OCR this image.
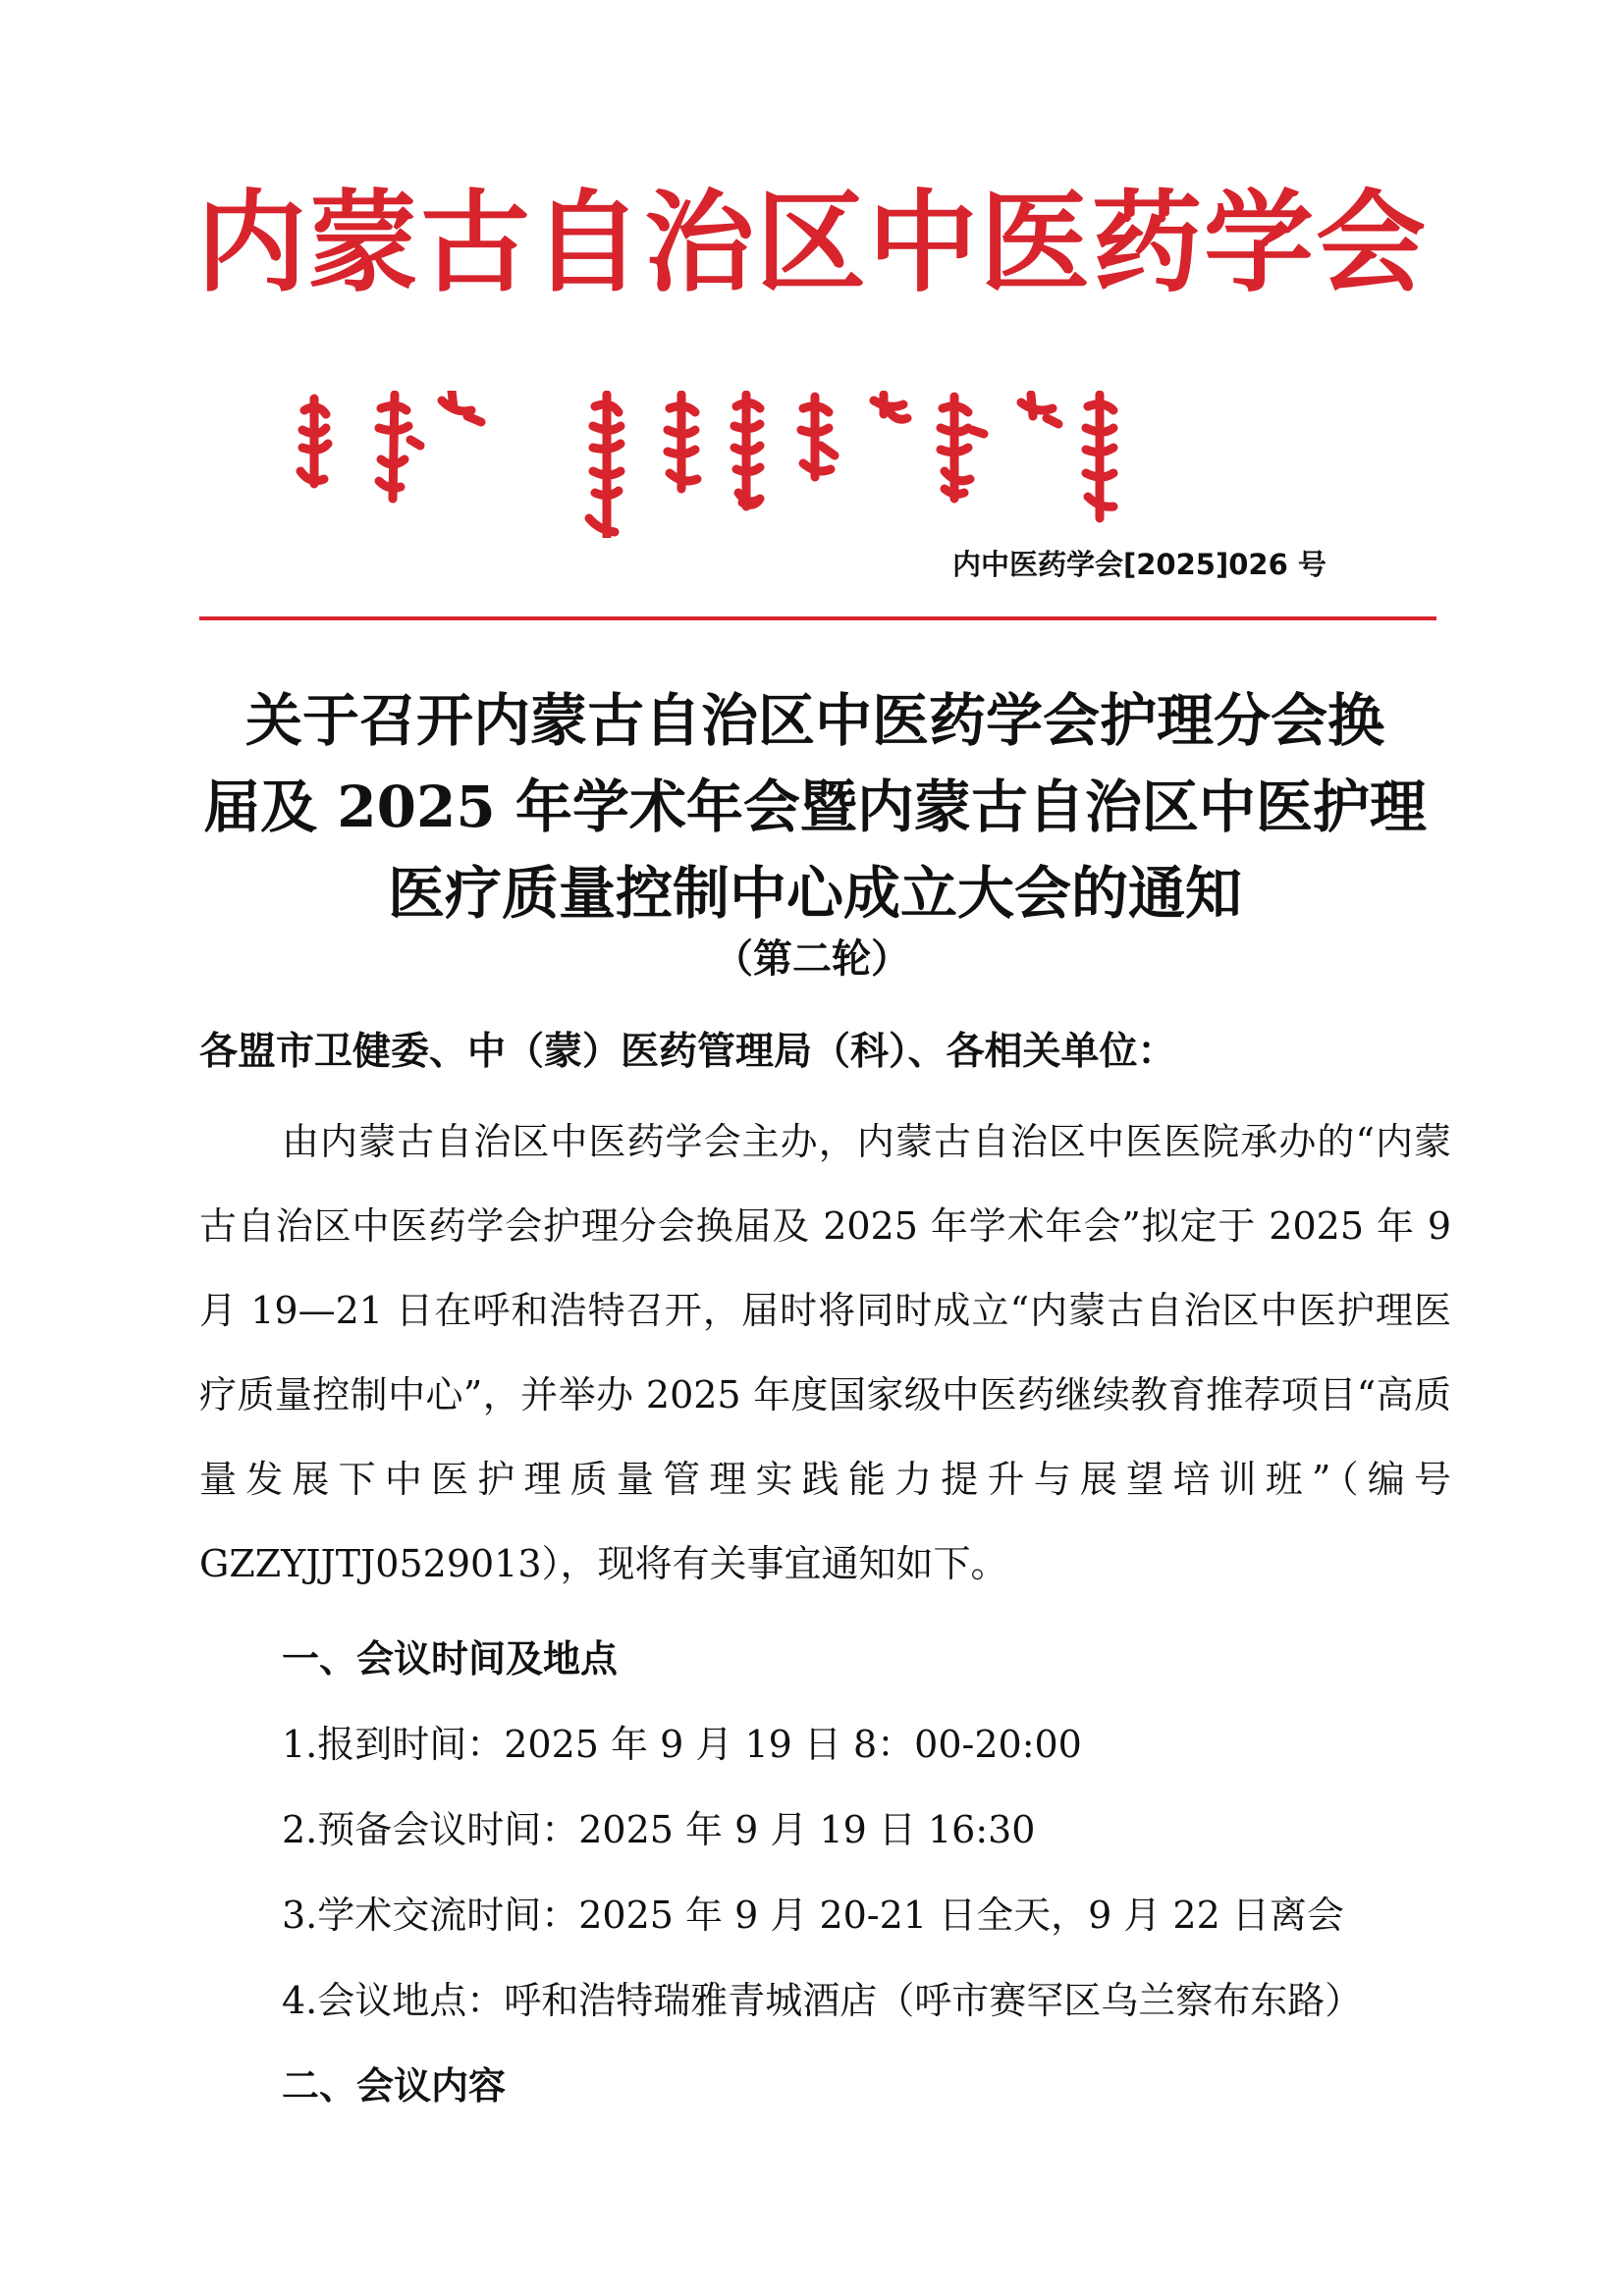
内蒙古自治区中医药学会
内中医药学会[2025]026 号
关于召开内蒙古自治区中医药学会护理分会换
届及 2025 年学术年会暨内蒙古自治区中医护理
医疗质量控制中心成立大会的通知
（第二轮）
各盟市卫健委、中（蒙）医药管理局（科）、各相关单位：

由内蒙古自治区中医药学会主办，内蒙古自治区中医医院承办的“内蒙古自治区中医药学会护理分会换届及 2025 年学术年会”拟定于 2025 年 9 月 19—21 日在呼和浩特召开，届时将同时成立“内蒙古自治区中医护理医疗质量控制中心”，并举办 2025 年度国家级中医药继续教育推荐项目“高质量发展下中医护理质量管理实践能力提升与展望培训班”（编号 GZZYJJTJ0529013），现将有关事宜通知如下。

一、会议时间及地点
1.报到时间：2025 年 9 月 19 日 8：00-20:00
2.预备会议时间：2025 年 9 月 19 日 16:30
3.学术交流时间：2025 年 9 月 20-21 日全天，9 月 22 日离会
4.会议地点：呼和浩特瑞雅青城酒店（呼市赛罕区乌兰察布东路）
二、会议内容
